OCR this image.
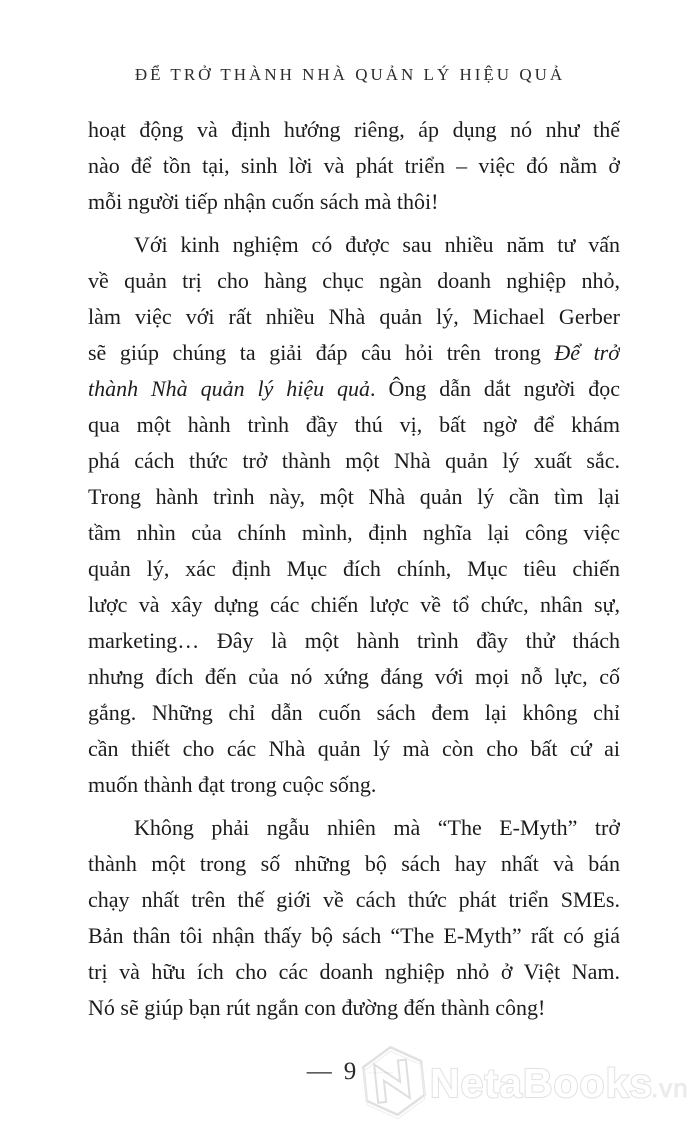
ĐỂ TRỞ THÀNH NHÀ QUẢN LÝ HIỆU QUẢ
hoạt động và định hướng riêng, áp dụng nó như thế
nào để tồn tại, sinh lời và phát triển – việc đó nằm ở
mỗi người tiếp nhận cuốn sách mà thôi!
Với kinh nghiệm có được sau nhiều năm tư vấn
về quản trị cho hàng chục ngàn doanh nghiệp nhỏ,
làm việc với rất nhiều Nhà quản lý, Michael Gerber
sẽ giúp chúng ta giải đáp câu hỏi trên trong Để trở
thành Nhà quản lý hiệu quả. Ông dẫn dắt người đọc
qua một hành trình đầy thú vị, bất ngờ để khám
phá cách thức trở thành một Nhà quản lý xuất sắc.
Trong hành trình này, một Nhà quản lý cần tìm lại
tầm nhìn của chính mình, định nghĩa lại công việc
quản lý, xác định Mục đích chính, Mục tiêu chiến
lược và xây dựng các chiến lược về tổ chức, nhân sự,
marketing… Đây là một hành trình đầy thử thách
nhưng đích đến của nó xứng đáng với mọi nỗ lực, cố
gắng. Những chỉ dẫn cuốn sách đem lại không chỉ
cần thiết cho các Nhà quản lý mà còn cho bất cứ ai
muốn thành đạt trong cuộc sống.
Không phải ngẫu nhiên mà “The E-Myth” trở
thành một trong số những bộ sách hay nhất và bán
chạy nhất trên thế giới về cách thức phát triển SMEs.
Bản thân tôi nhận thấy bộ sách “The E-Myth” rất có giá
trị và hữu ích cho các doanh nghiệp nhỏ ở Việt Nam.
Nó sẽ giúp bạn rút ngắn con đường đến thành công!
— 9	NetaBooks
.vn
